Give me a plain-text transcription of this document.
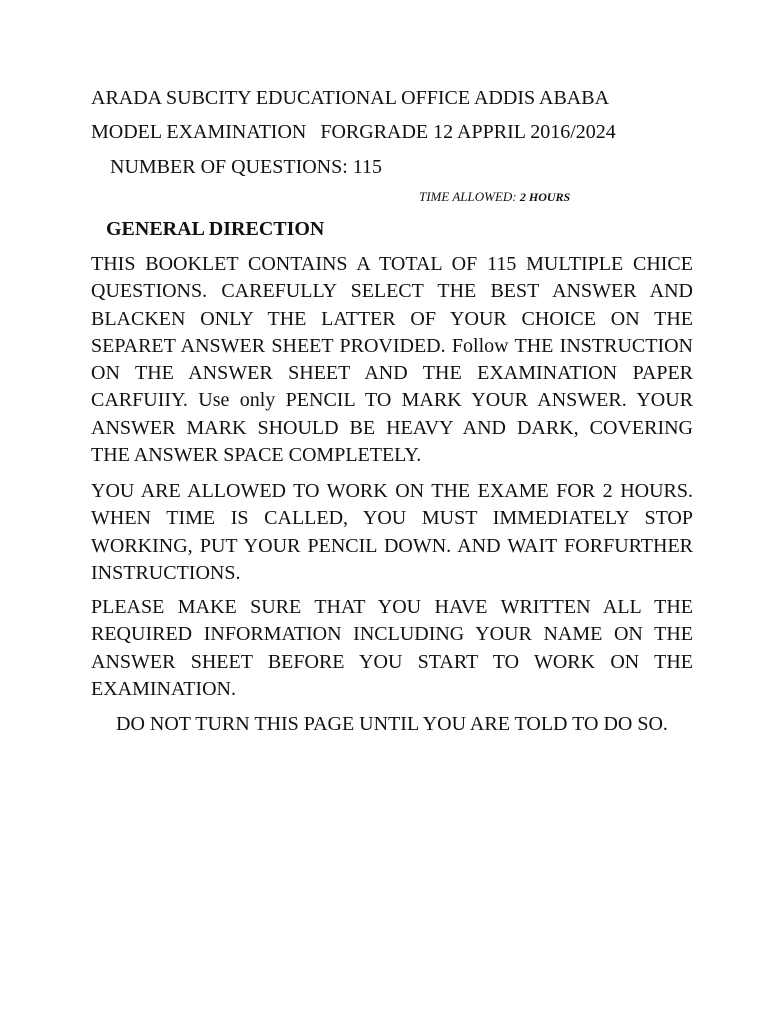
ARADA SUBCITY EDUCATIONAL OFFICE ADDIS ABABA
MODEL EXAMINATION FORGRADE 12 APPRIL 2016/2024
NUMBER OF QUESTIONS: 115
TIME ALLOWED: 2 HOURS
GENERAL DIRECTION
THIS BOOKLET CONTAINS A TOTAL OF 115 MULTIPLE CHICE QUESTIONS. CAREFULLY SELECT THE BEST ANSWER AND BLACKEN ONLY THE LATTER OF YOUR CHOICE ON THE SEPARET ANSWER SHEET PROVIDED. Follow THE INSTRUCTION ON THE ANSWER SHEET AND THE EXAMINATION PAPER CARFUIIY. Use only PENCIL TO MARK YOUR ANSWER. YOUR ANSWER MARK SHOULD BE HEAVY AND DARK, COVERING THE ANSWER SPACE COMPLETELY.
YOU ARE ALLOWED TO WORK ON THE EXAME FOR 2 HOURS. WHEN TIME IS CALLED, YOU MUST IMMEDIATELY STOP WORKING, PUT YOUR PENCIL DOWN. AND WAIT FORFURTHER INSTRUCTIONS.
PLEASE MAKE SURE THAT YOU HAVE WRITTEN ALL THE REQUIRED INFORMATION INCLUDING YOUR NAME ON THE ANSWER SHEET BEFORE YOU START TO WORK ON THE EXAMINATION.
DO NOT TURN THIS PAGE UNTIL YOU ARE TOLD TO DO SO.
